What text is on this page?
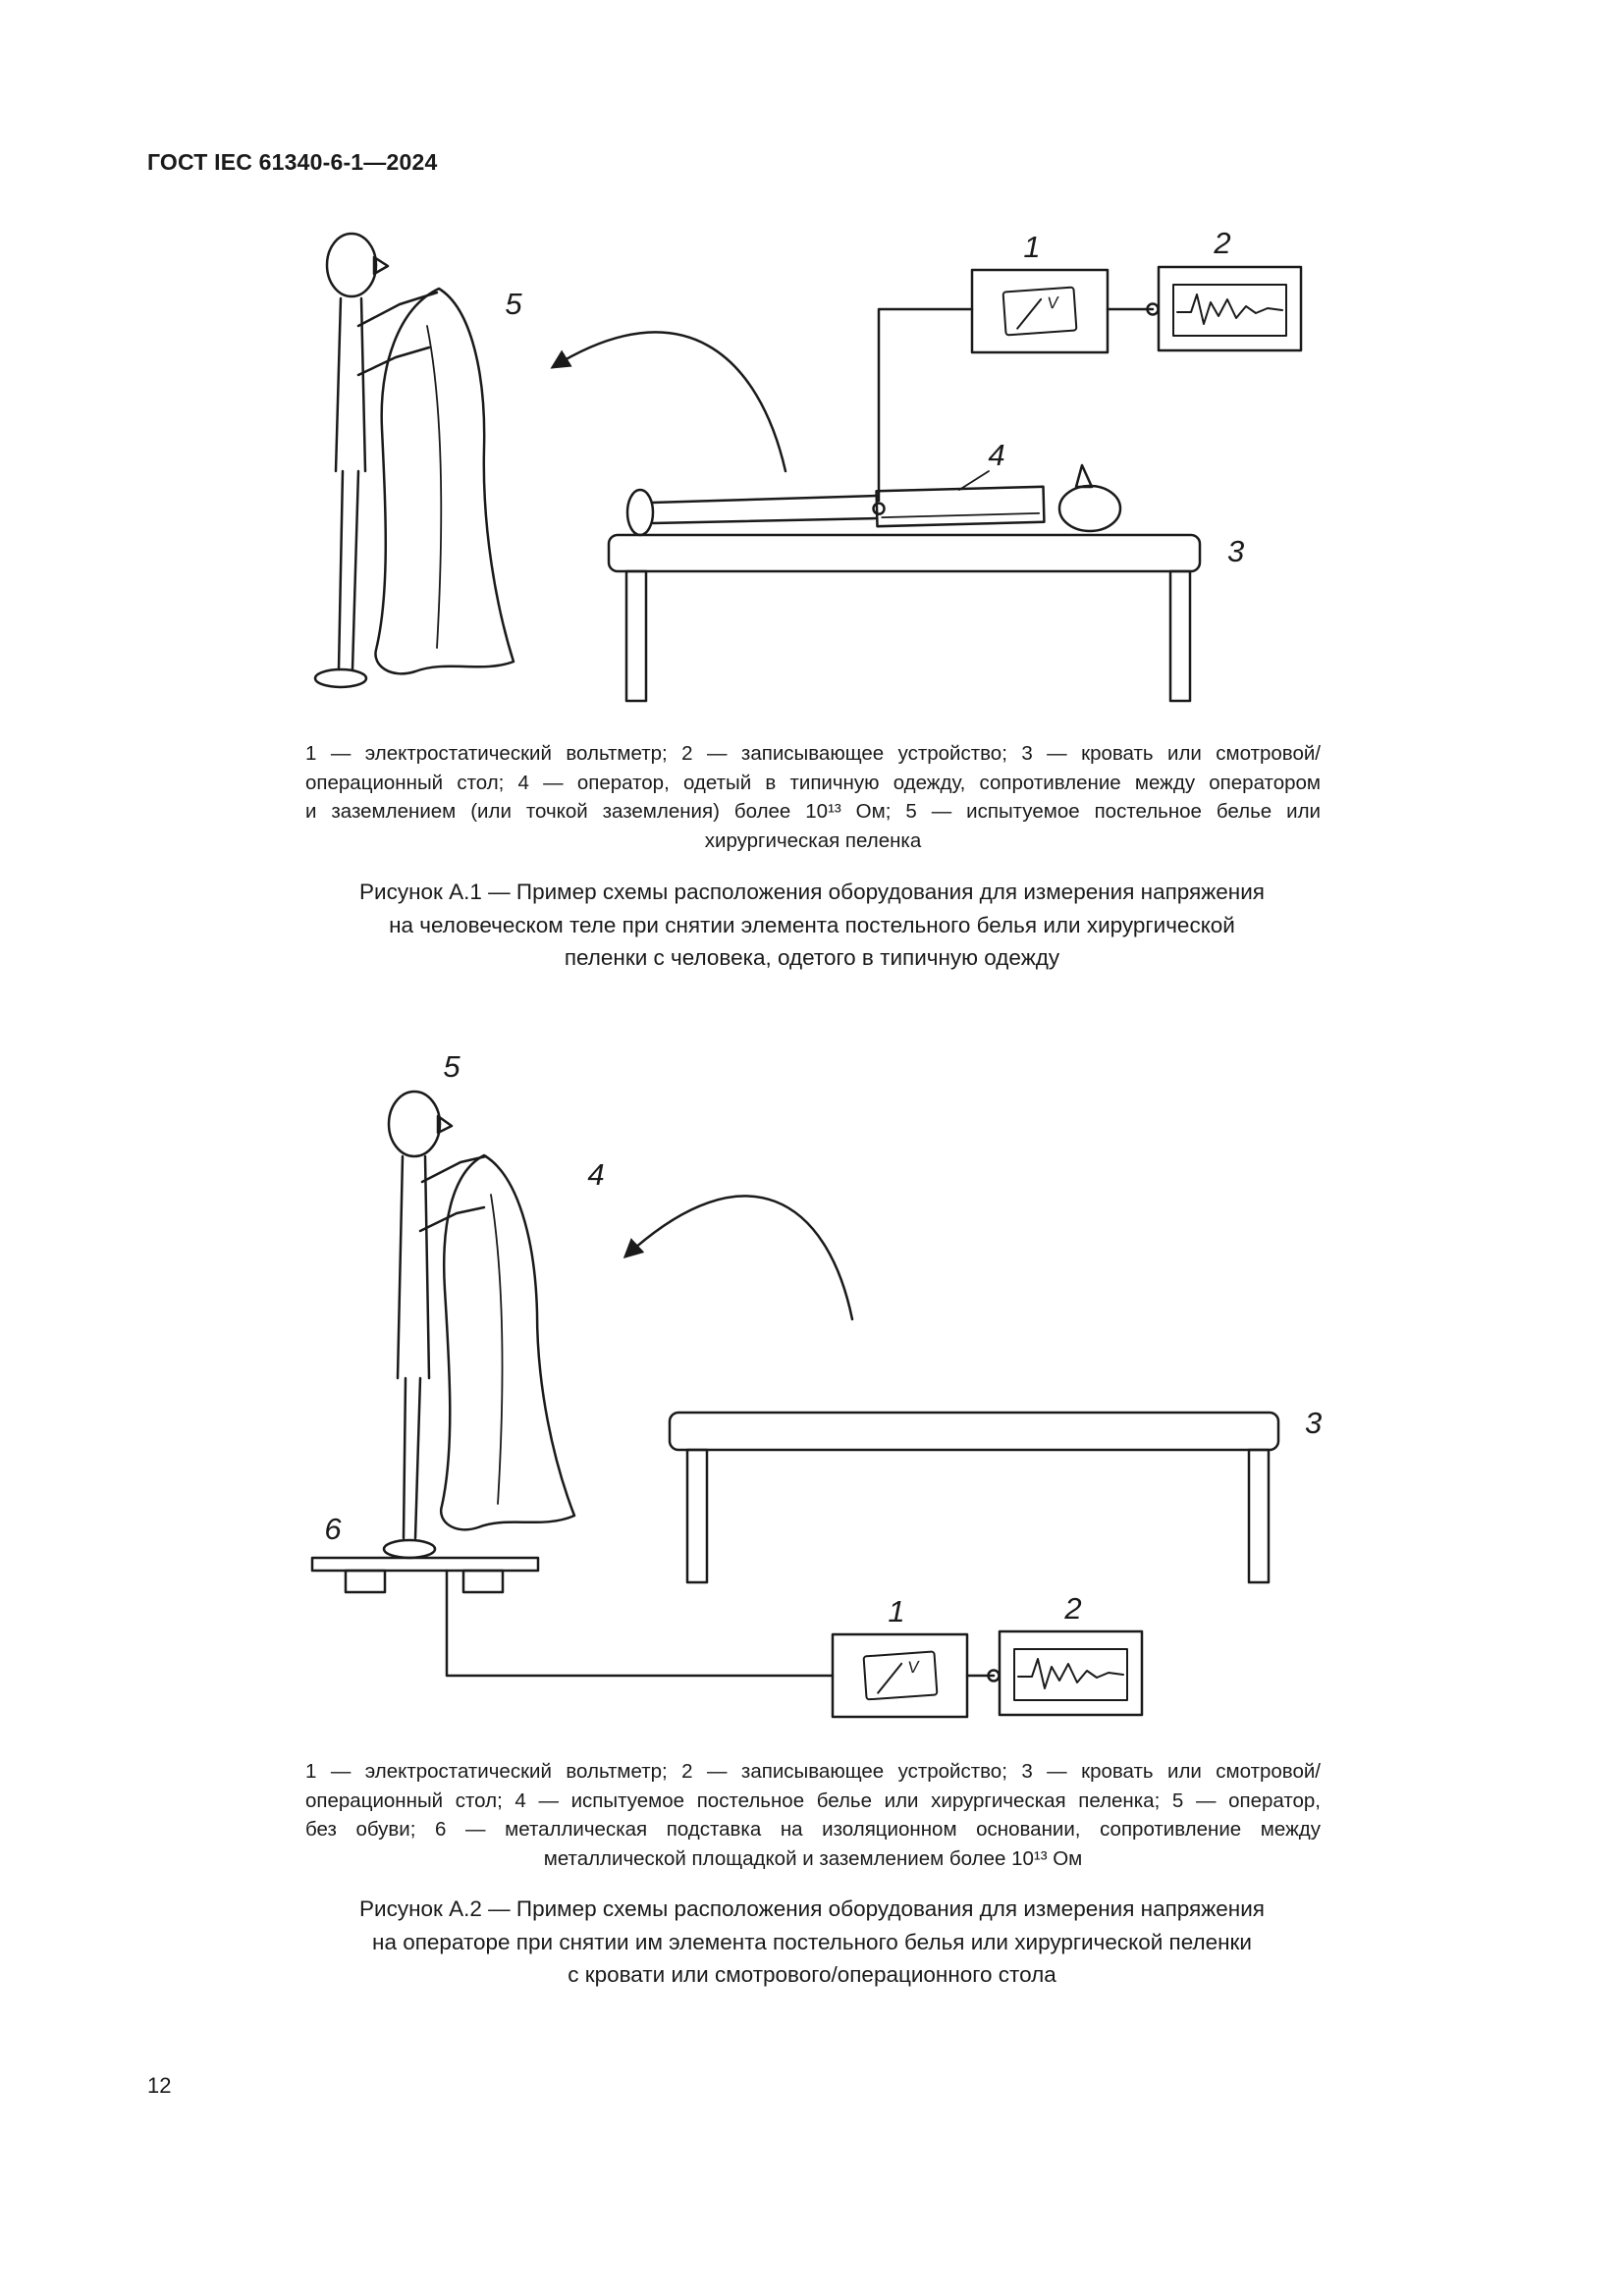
ГОСТ IEC 61340-6-1—2024
V
1	2
3
4
5
1 — электростатический вольтметр; 2 — записывающее устройство; 3 — кровать или смотровой/
операционный стол; 4 — оператор, одетый в типичную одежду, сопротивление между оператором
и заземлением (или точкой заземления) более 10¹³ Ом; 5 — испытуемое постельное белье или
хирургическая пеленка
Рисунок А.1 — Пример схемы расположения оборудования для измерения напряжения
на человеческом теле при снятии элемента постельного белья или хирургической
пеленки с человека, одетого в типичную одежду
V
5
4
3
6
1	2
1 — электростатический вольтметр; 2 — записывающее устройство; 3 — кровать или смотровой/
операционный стол; 4 — испытуемое постельное белье или хирургическая пеленка; 5 — оператор,
без обуви; 6 — металлическая подставка на изоляционном основании, сопротивление между
металлической площадкой и заземлением более 10¹³ Ом
Рисунок А.2 — Пример схемы расположения оборудования для измерения напряжения
на операторе при снятии им элемента постельного белья или хирургической пеленки
с кровати или смотрового/операционного стола
12
